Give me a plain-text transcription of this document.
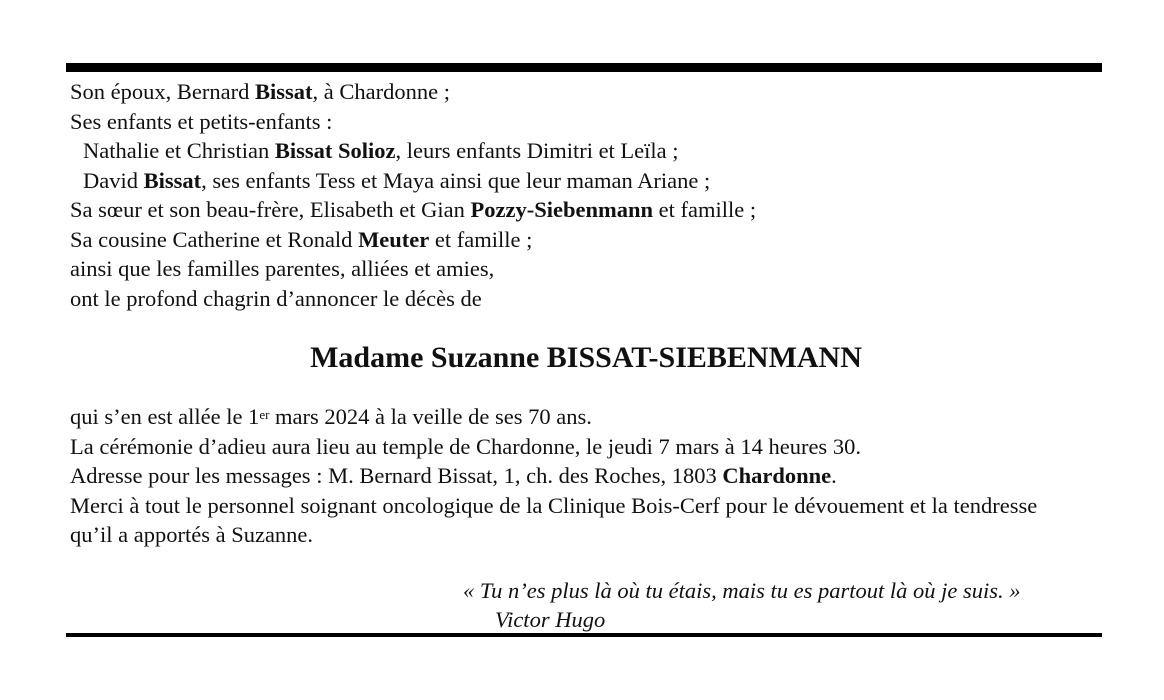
Son époux, Bernard Bissat, à Chardonne ;
Ses enfants et petits-enfants :
Nathalie et Christian Bissat Solioz, leurs enfants Dimitri et Leïla ;
David Bissat, ses enfants Tess et Maya ainsi que leur maman Ariane ;
Sa sœur et son beau-frère, Elisabeth et Gian Pozzy-Siebenmann et famille ;
Sa cousine Catherine et Ronald Meuter et famille ;
ainsi que les familles parentes, alliées et amies,
ont le profond chagrin d’annoncer le décès de
Madame Suzanne BISSAT-SIEBENMANN
qui s’en est allée le 1er mars 2024 à la veille de ses 70 ans.
La cérémonie d’adieu aura lieu au temple de Chardonne, le jeudi 7 mars à 14 heures 30.
Adresse pour les messages : M. Bernard Bissat, 1, ch. des Roches, 1803 Chardonne.
Merci à tout le personnel soignant oncologique de la Clinique Bois-Cerf pour le dévouement et la tendresse qu’il a apportés à Suzanne.
« Tu n’es plus là où tu étais, mais tu es partout là où je suis. »
Victor Hugo
